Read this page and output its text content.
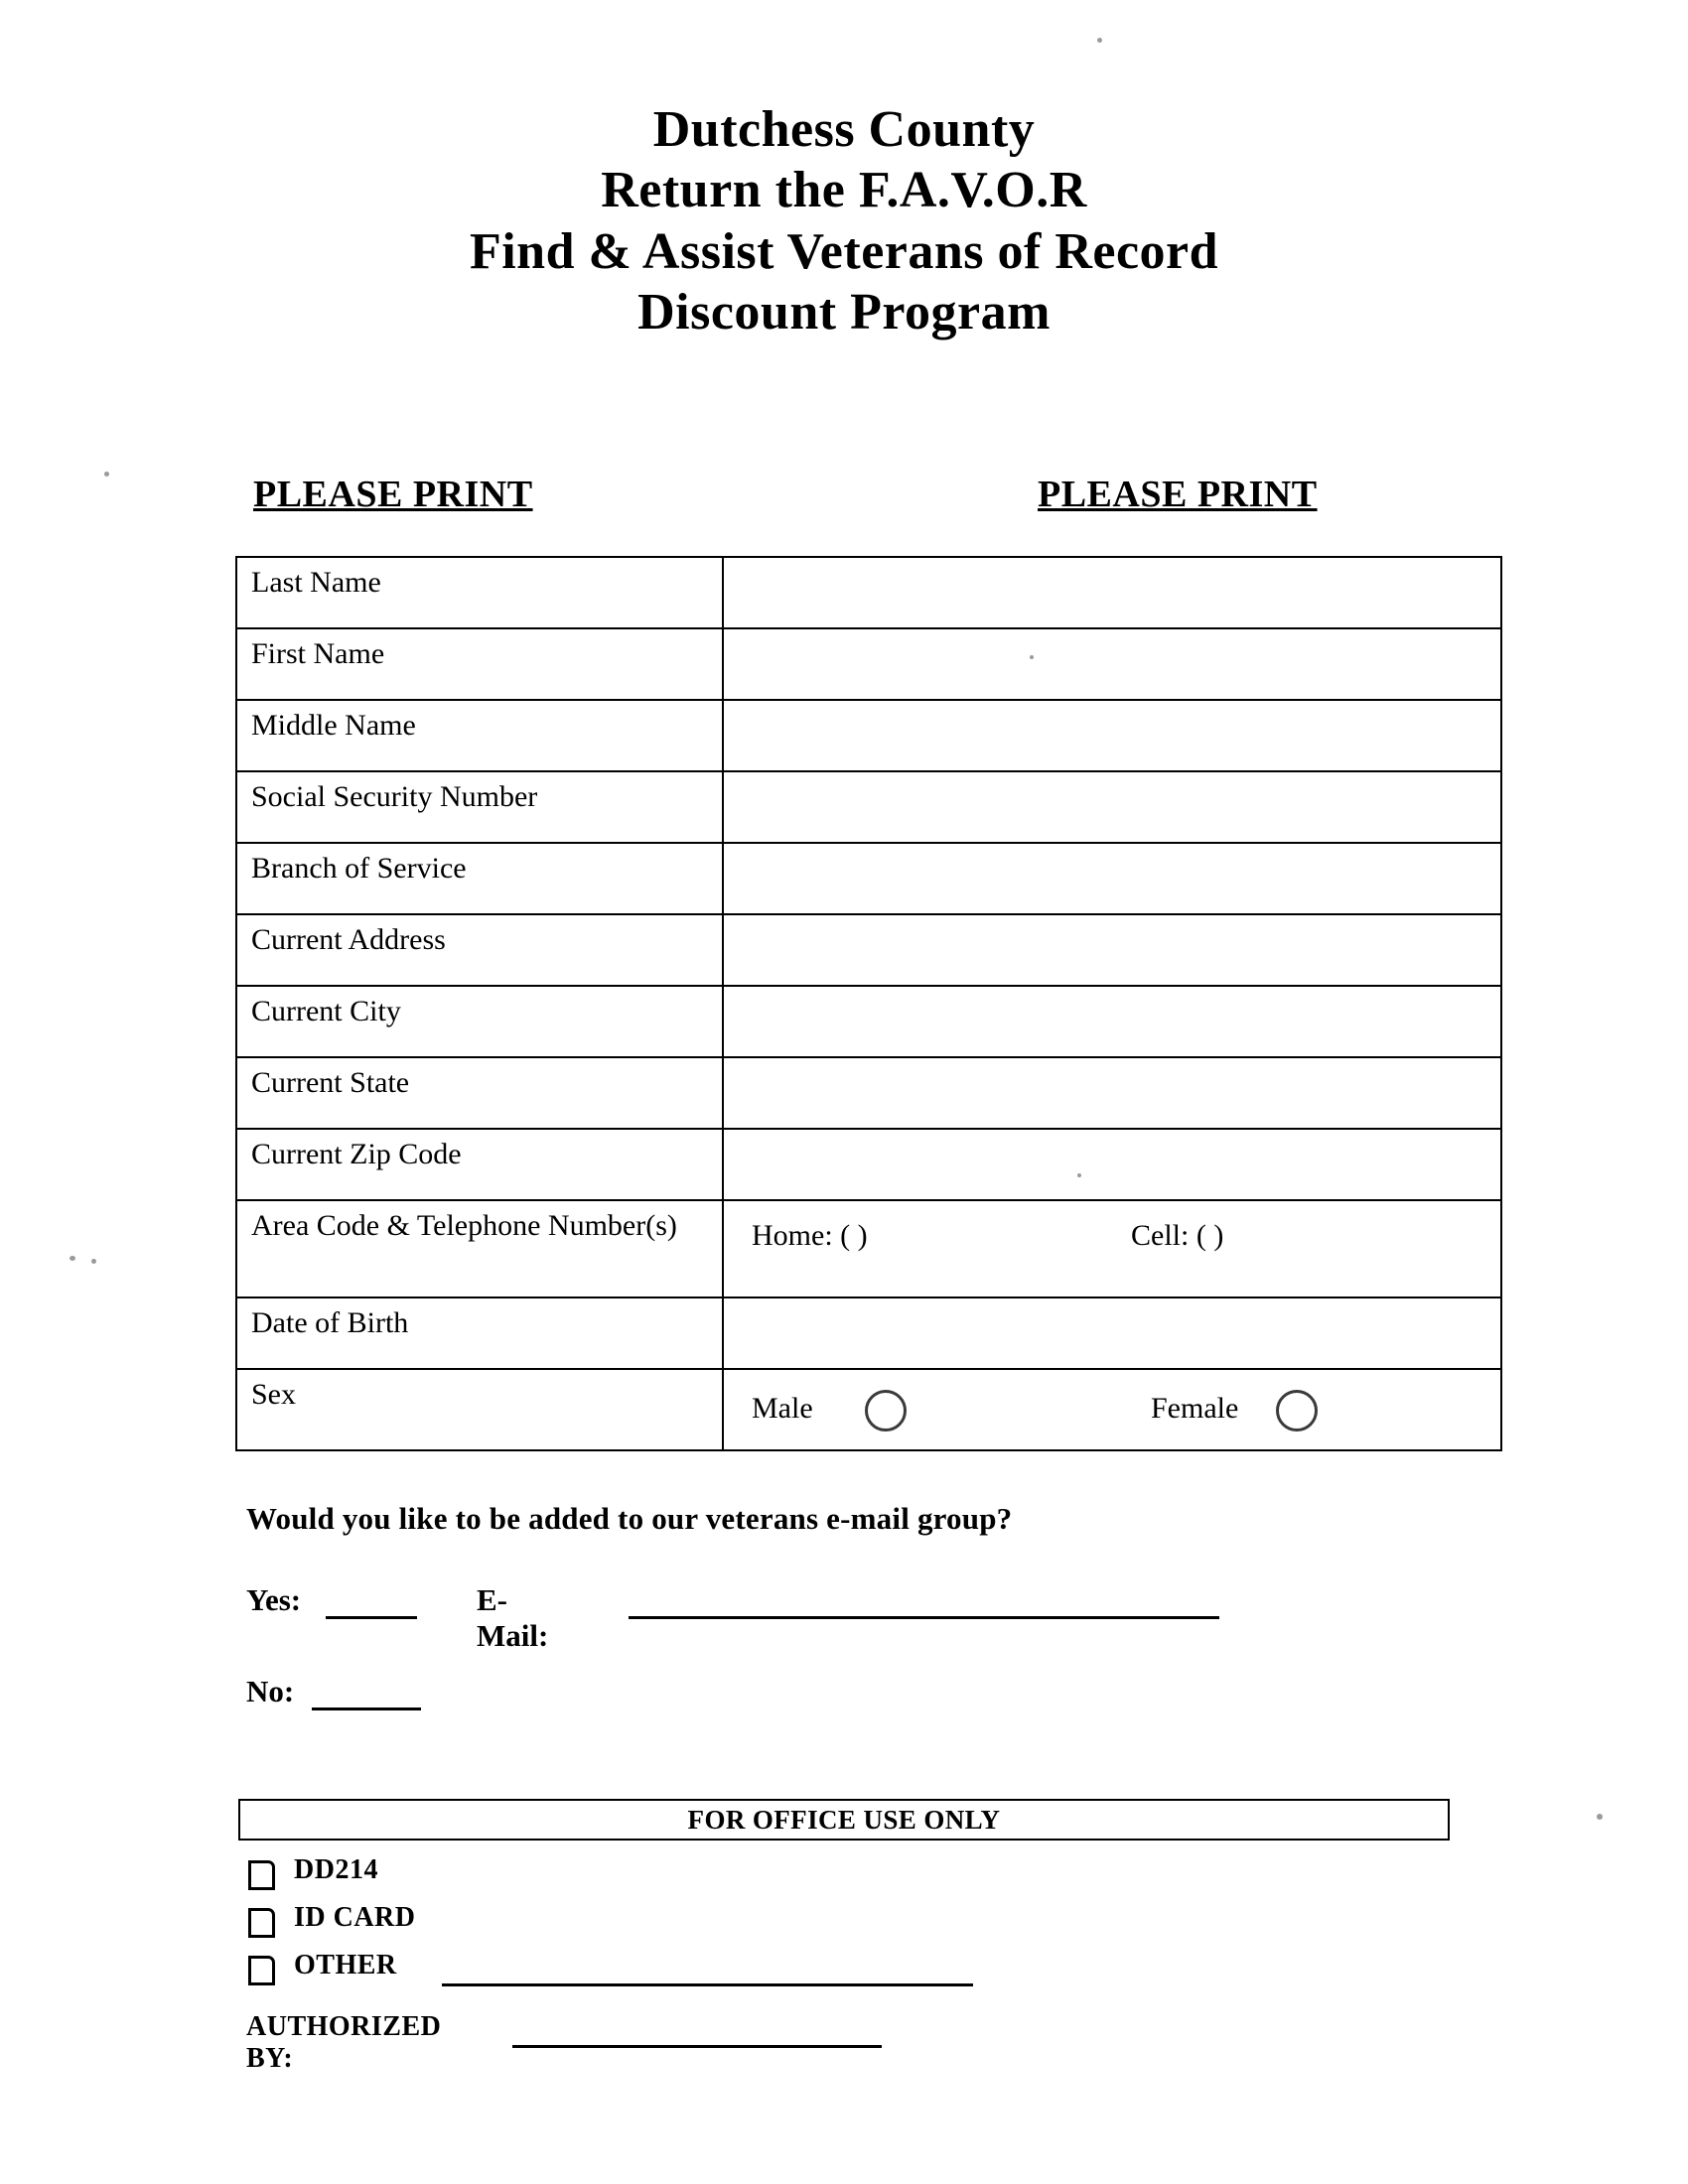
Dutchess County
Return the F.A.V.O.R
Find & Assist Veterans of Record
Discount Program
PLEASE PRINT	PLEASE PRINT
Last Name	
First Name	
Middle Name	
Social Security Number	
Branch of Service	
Current Address	
Current City	
Current State	
Current Zip Code	
Area Code & Telephone Number(s)	Home: ( ) Cell: ( )

Date of Birth	
Sex	Male Female
Would you like to be added to our veterans e-mail group?
Yes:	E-Mail:
No:
FOR OFFICE USE ONLY
DD214
ID CARD
OTHER
AUTHORIZED BY:
